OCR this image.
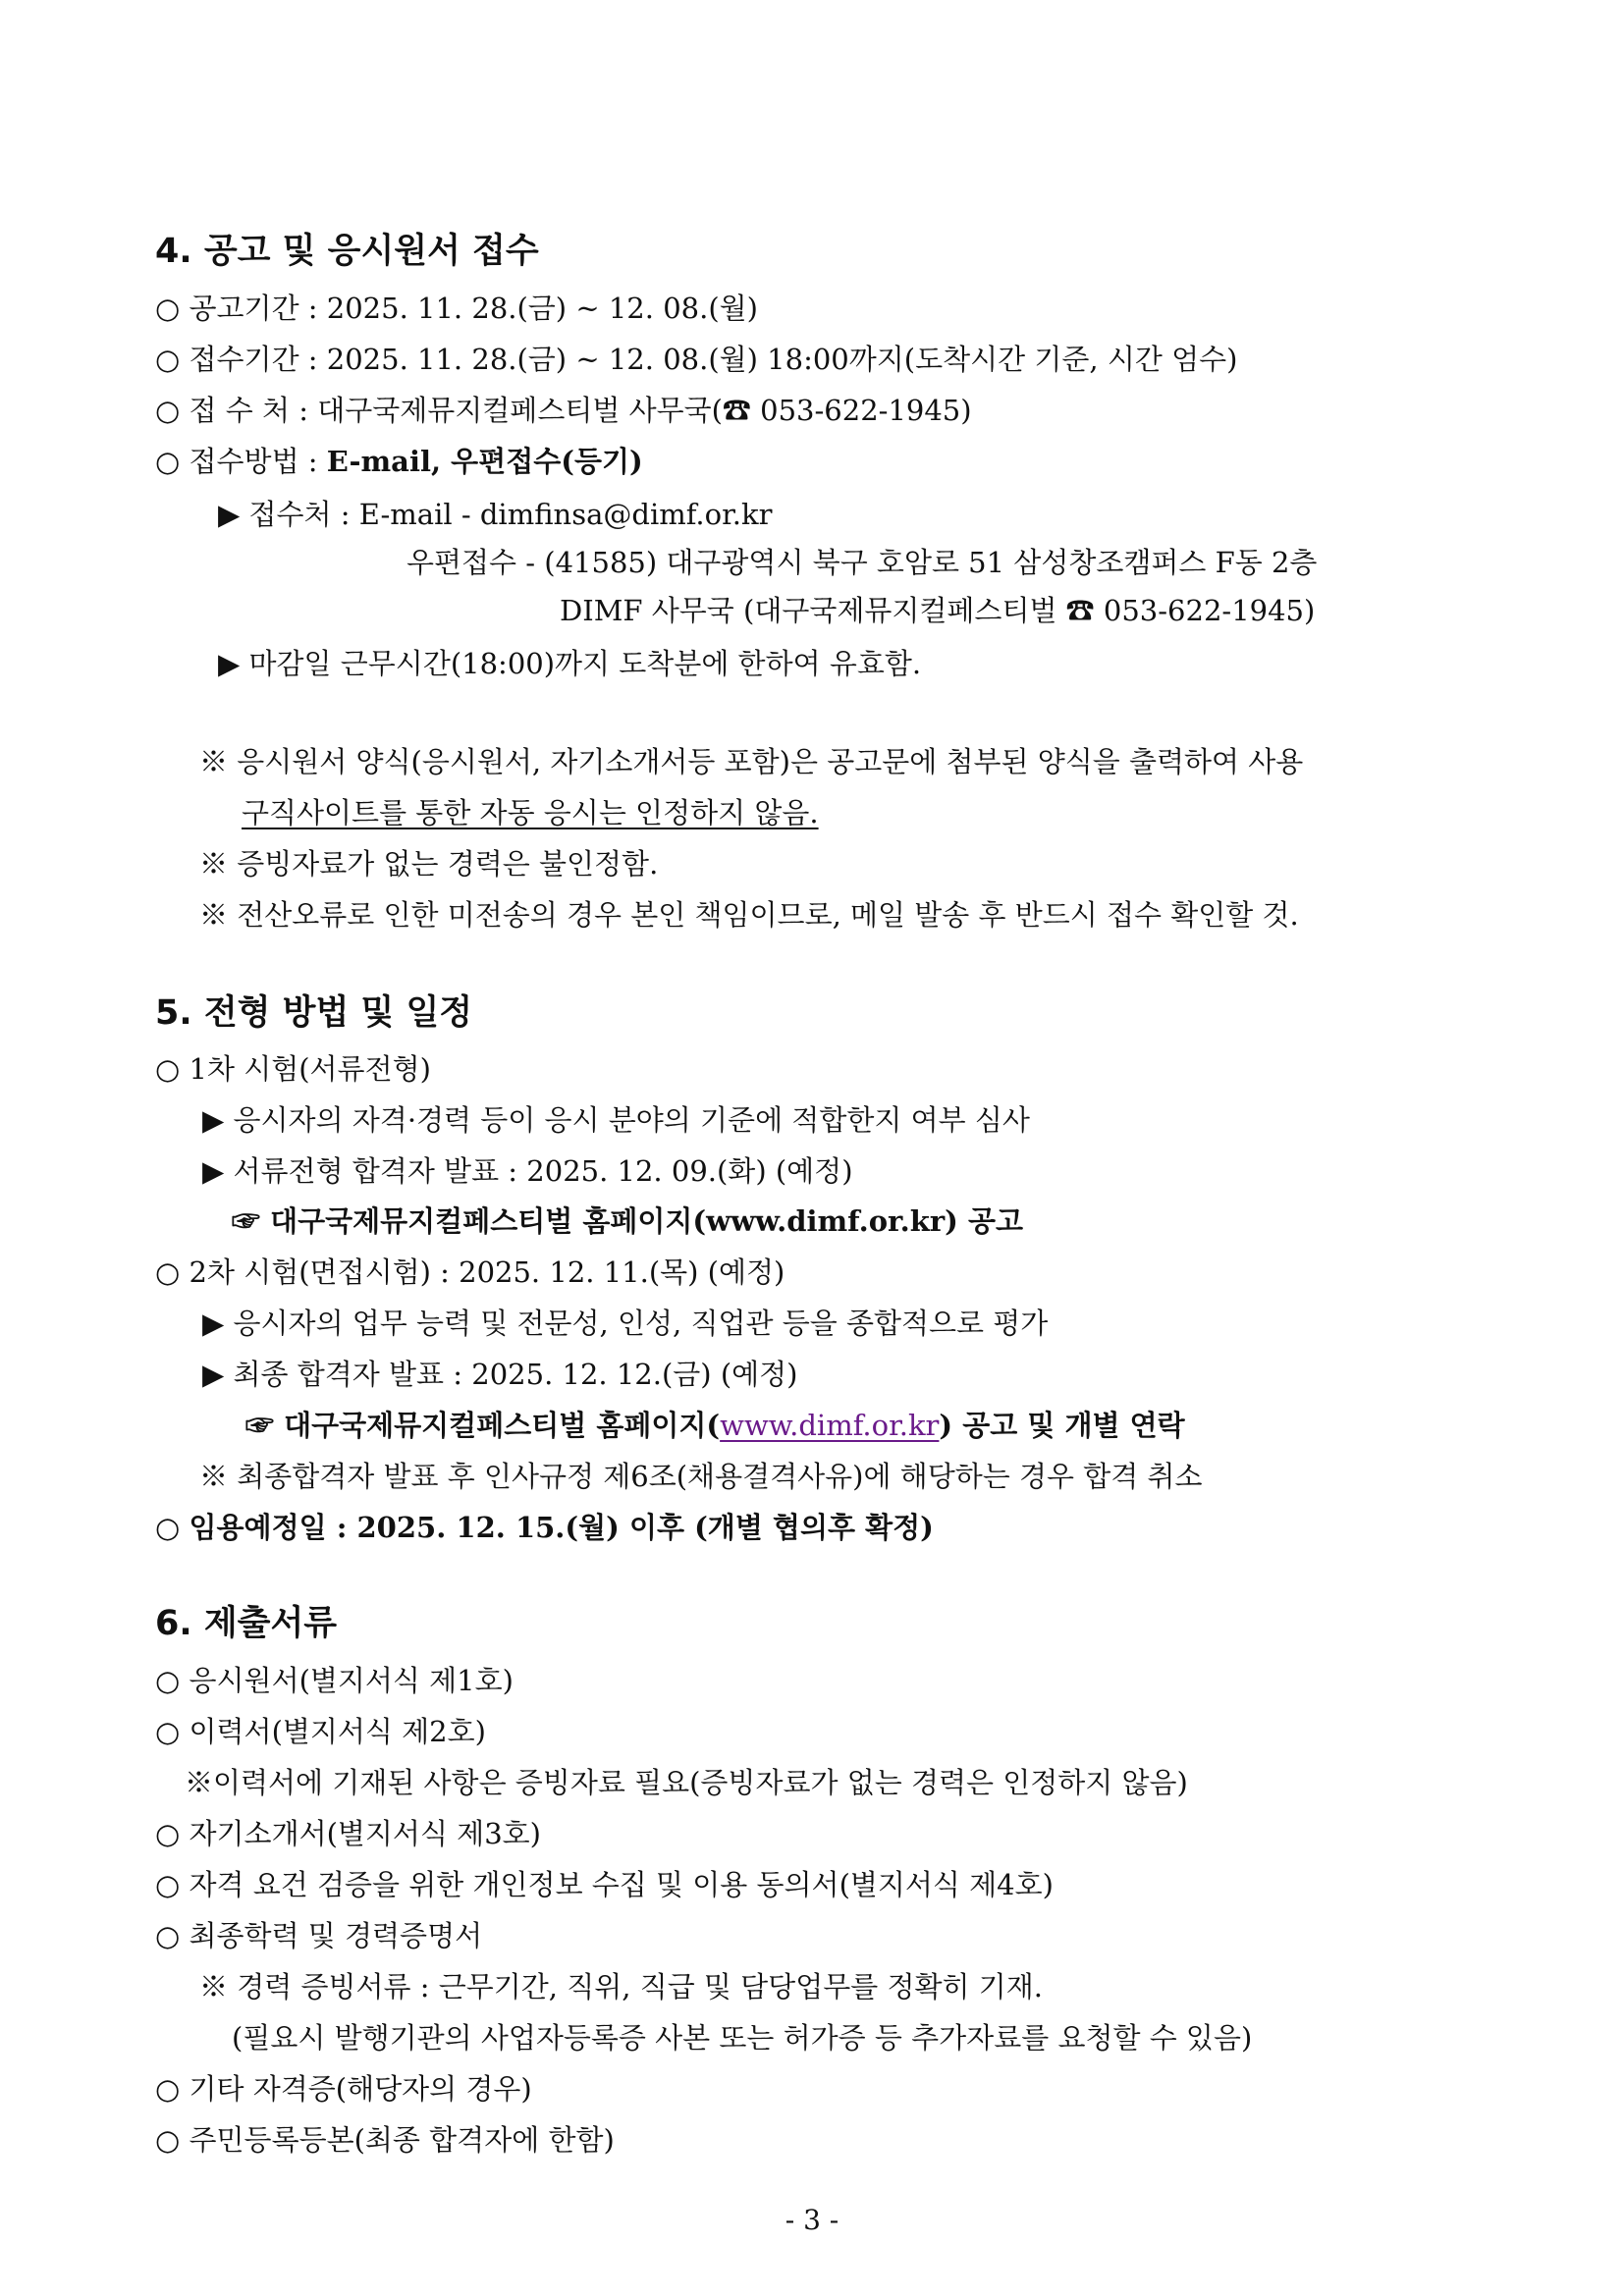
4. 공고 및 응시원서 접수
○ 공고기간 : 2025. 11. 28.(금) ~ 12. 08.(월)
○ 접수기간 : 2025. 11. 28.(금) ~ 12. 08.(월) 18:00까지(도착시간 기준, 시간 엄수)
○ 접 수 처 : 대구국제뮤지컬페스티벌 사무국(☎ 053-622-1945)
○ 접수방법 : E-mail, 우편접수(등기)
▶ 접수처 : E-mail - dimfinsa@dimf.or.kr
우편접수 - (41585) 대구광역시 북구 호암로 51 삼성창조캠퍼스 F동 2층
DIMF 사무국 (대구국제뮤지컬페스티벌 ☎ 053-622-1945)
▶ 마감일 근무시간(18:00)까지 도착분에 한하여 유효함.
※ 응시원서 양식(응시원서, 자기소개서등 포함)은 공고문에 첨부된 양식을 출력하여 사용
구직사이트를 통한 자동 응시는 인정하지 않음.
※ 증빙자료가 없는 경력은 불인정함.
※ 전산오류로 인한 미전송의 경우 본인 책임이므로, 메일 발송 후 반드시 접수 확인할 것.
5. 전형 방법 및 일정
○ 1차 시험(서류전형)
▶ 응시자의 자격·경력 등이 응시 분야의 기준에 적합한지 여부 심사
▶ 서류전형 합격자 발표 : 2025. 12. 09.(화) (예정)
☞ 대구국제뮤지컬페스티벌 홈페이지(www.dimf.or.kr) 공고
○ 2차 시험(면접시험) : 2025. 12. 11.(목) (예정)
▶ 응시자의 업무 능력 및 전문성, 인성, 직업관 등을 종합적으로 평가
▶ 최종 합격자 발표 : 2025. 12. 12.(금) (예정)
☞ 대구국제뮤지컬페스티벌 홈페이지(www.dimf.or.kr) 공고 및 개별 연락
※ 최종합격자 발표 후 인사규정 제6조(채용결격사유)에 해당하는 경우 합격 취소
○ 임용예정일 : 2025. 12. 15.(월) 이후 (개별 협의후 확정)
6. 제출서류
○ 응시원서(별지서식 제1호)
○ 이력서(별지서식 제2호)
※이력서에 기재된 사항은 증빙자료 필요(증빙자료가 없는 경력은 인정하지 않음)
○ 자기소개서(별지서식 제3호)
○ 자격 요건 검증을 위한 개인정보 수집 및 이용 동의서(별지서식 제4호)
○ 최종학력 및 경력증명서
※ 경력 증빙서류 : 근무기간, 직위, 직급 및 담당업무를 정확히 기재.
(필요시 발행기관의 사업자등록증 사본 또는 허가증 등 추가자료를 요청할 수 있음)
○ 기타 자격증(해당자의 경우)
○ 주민등록등본(최종 합격자에 한함)
- 3 -
